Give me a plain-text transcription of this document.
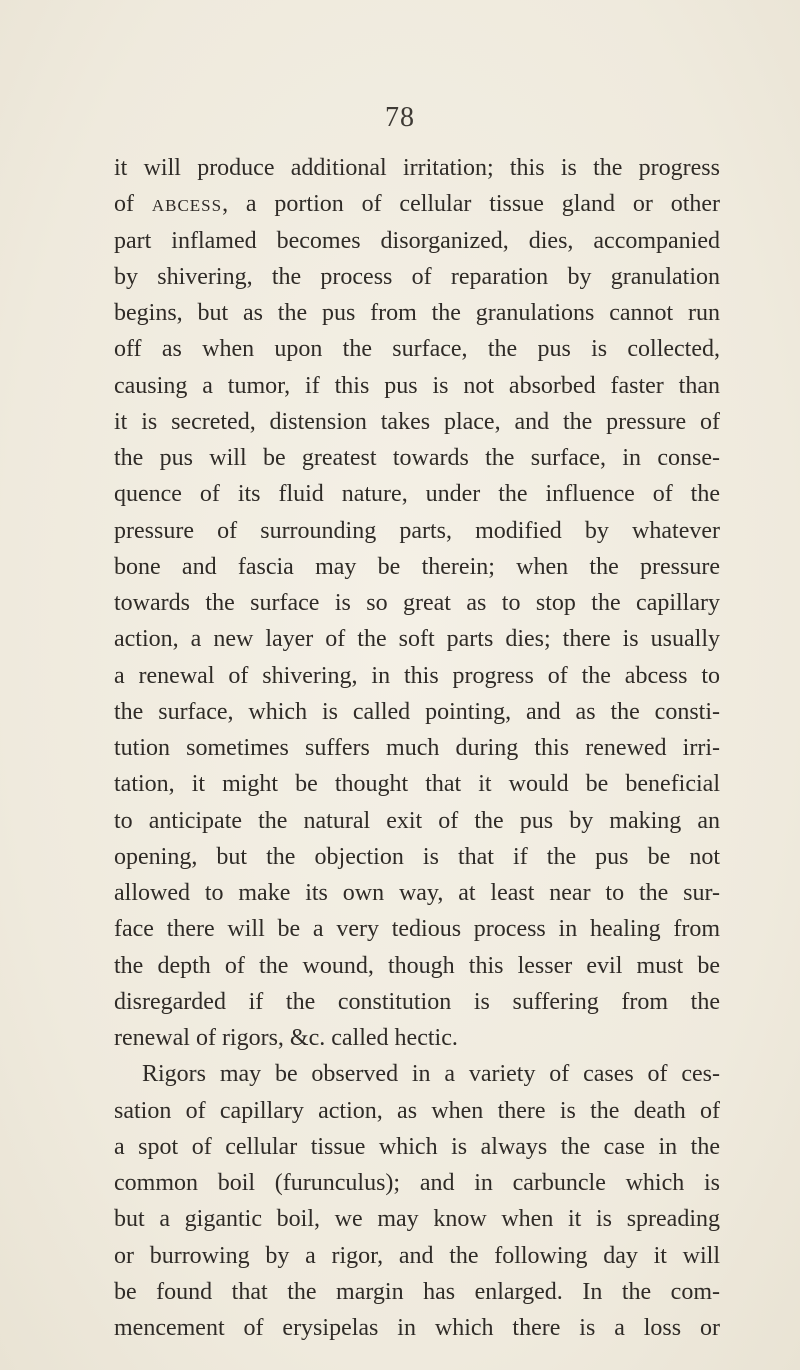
78
it will produce additional irritation; this is the progress
of abcess, a portion of cellular tissue gland or other
part inflamed becomes disorganized, dies, accompanied
by shivering, the process of reparation by granulation
begins, but as the pus from the granulations cannot run
off as when upon the surface, the pus is collected,
causing a tumor, if this pus is not absorbed faster than
it is secreted, distension takes place, and the pressure of
the pus will be greatest towards the surface, in conse-
quence of its fluid nature, under the influence of the
pressure of surrounding parts, modified by whatever
bone and fascia may be therein; when the pressure
towards the surface is so great as to stop the capillary
action, a new layer of the soft parts dies; there is usually
a renewal of shivering, in this progress of the abcess to
the surface, which is called pointing, and as the consti-
tution sometimes suffers much during this renewed irri-
tation, it might be thought that it would be beneficial
to anticipate the natural exit of the pus by making an
opening, but the objection is that if the pus be not
allowed to make its own way, at least near to the sur-
face there will be a very tedious process in healing from
the depth of the wound, though this lesser evil must be
disregarded if the constitution is suffering from the
renewal of rigors, &c. called hectic.
Rigors may be observed in a variety of cases of ces-
sation of capillary action, as when there is the death of
a spot of cellular tissue which is always the case in the
common boil (furunculus); and in carbuncle which is
but a gigantic boil, we may know when it is spreading
or burrowing by a rigor, and the following day it will
be found that the margin has enlarged. In the com-
mencement of erysipelas in which there is a loss or
